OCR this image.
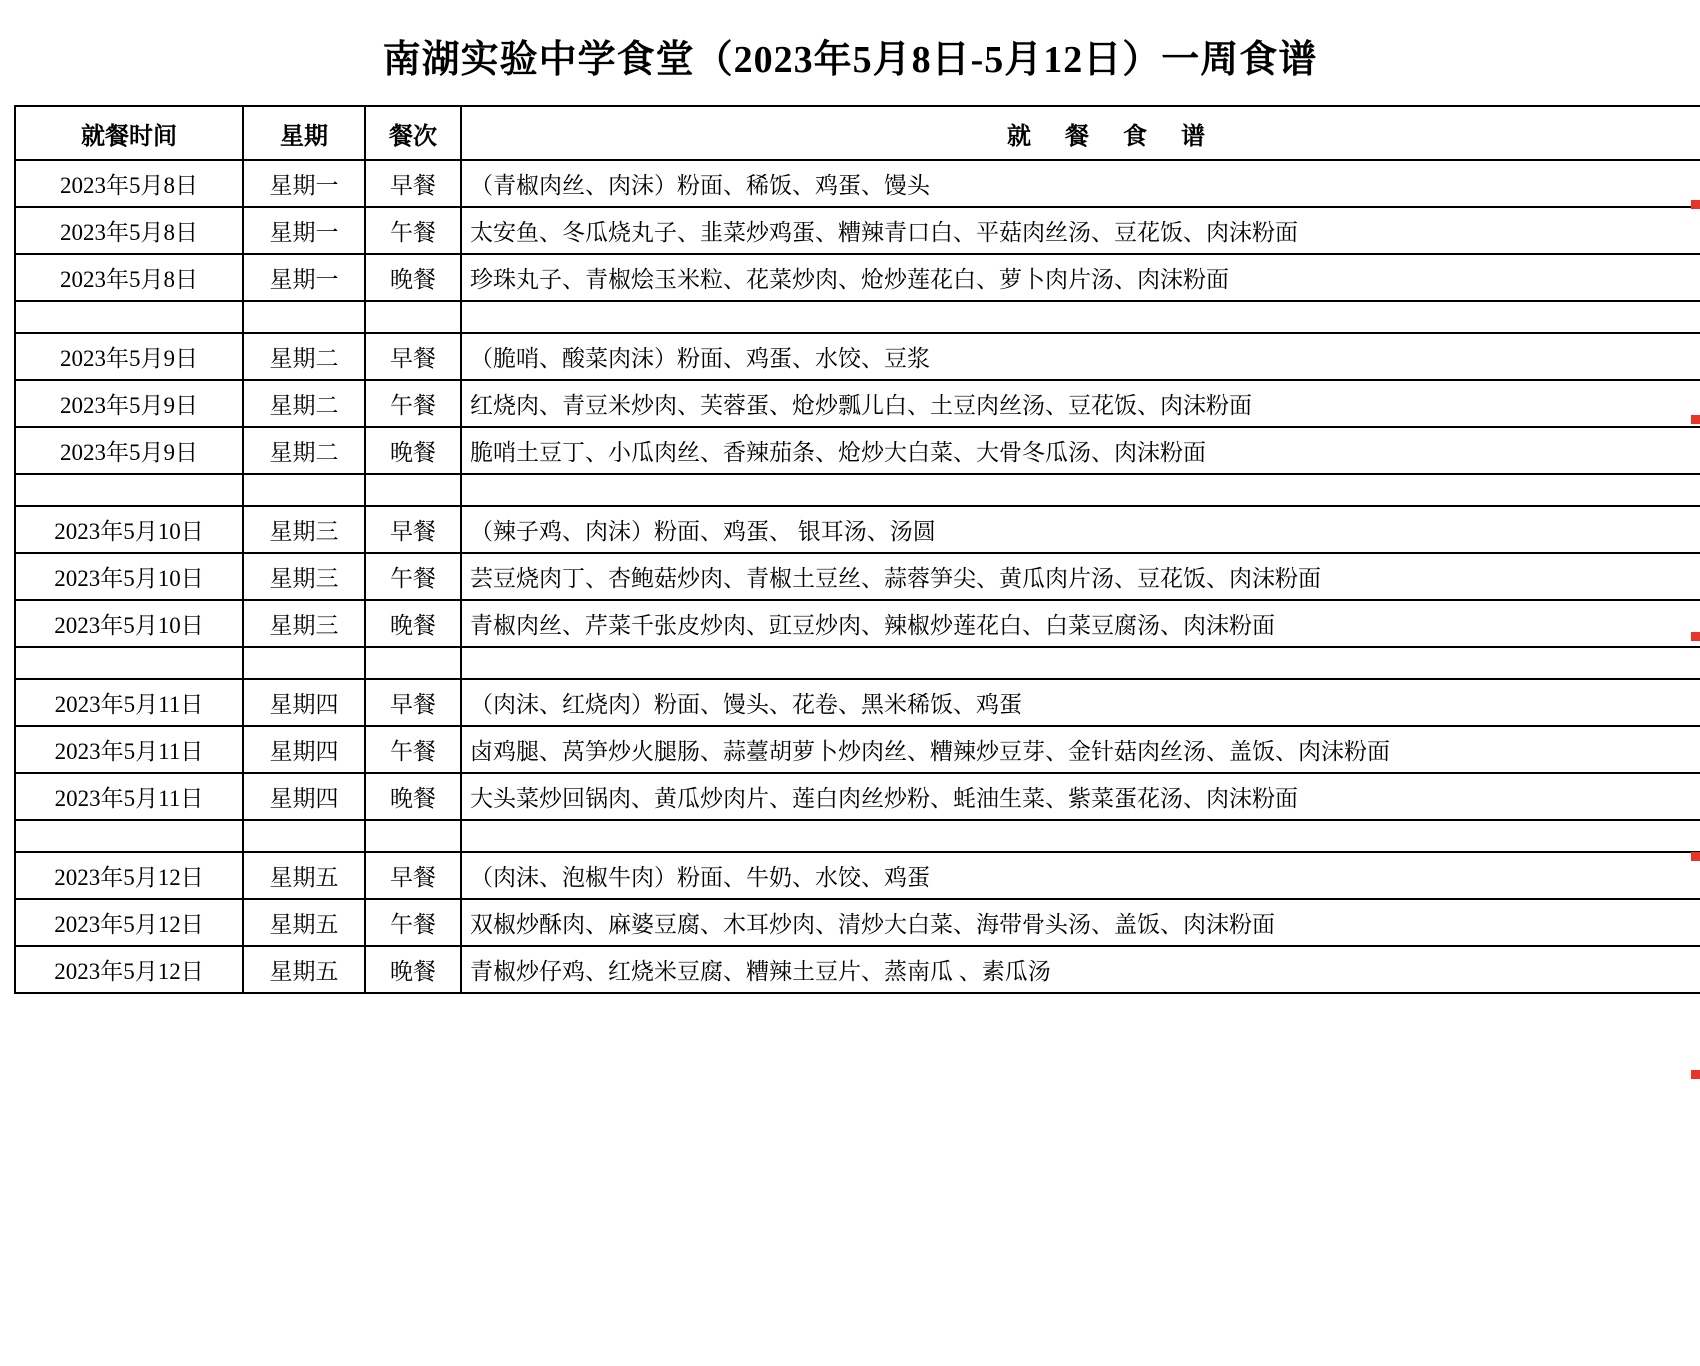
南湖实验中学食堂（2023年5月8日-5月12日）一周食谱
就餐时间	星期	餐次	就餐食谱
2023年5月8日	星期一	早餐	（青椒肉丝、肉沫）粉面、稀饭、鸡蛋、馒头
2023年5月8日	星期一	午餐	太安鱼、冬瓜烧丸子、韭菜炒鸡蛋、糟辣青口白、平菇肉丝汤、豆花饭、肉沫粉面
2023年5月8日	星期一	晚餐	珍珠丸子、青椒烩玉米粒、花菜炒肉、炝炒莲花白、萝卜肉片汤、肉沫粉面

2023年5月9日	星期二	早餐	（脆哨、酸菜肉沫）粉面、鸡蛋、水饺、豆浆
2023年5月9日	星期二	午餐	红烧肉、青豆米炒肉、芙蓉蛋、炝炒瓢儿白、土豆肉丝汤、豆花饭、肉沫粉面
2023年5月9日	星期二	晚餐	脆哨土豆丁、小瓜肉丝、香辣茄条、炝炒大白菜、大骨冬瓜汤、肉沫粉面

2023年5月10日	星期三	早餐	（辣子鸡、肉沫）粉面、鸡蛋、 银耳汤、汤圆
2023年5月10日	星期三	午餐	芸豆烧肉丁、杏鲍菇炒肉、青椒土豆丝、蒜蓉笋尖、黄瓜肉片汤、豆花饭、肉沫粉面
2023年5月10日	星期三	晚餐	青椒肉丝、芹菜千张皮炒肉、豇豆炒肉、辣椒炒莲花白、白菜豆腐汤、肉沫粉面

2023年5月11日	星期四	早餐	（肉沫、红烧肉）粉面、馒头、花卷、黑米稀饭、鸡蛋
2023年5月11日	星期四	午餐	卤鸡腿、莴笋炒火腿肠、蒜薹胡萝卜炒肉丝、糟辣炒豆芽、金针菇肉丝汤、盖饭、肉沫粉面
2023年5月11日	星期四	晚餐	大头菜炒回锅肉、黄瓜炒肉片、莲白肉丝炒粉、蚝油生菜、紫菜蛋花汤、肉沫粉面

2023年5月12日	星期五	早餐	（肉沫、泡椒牛肉）粉面、牛奶、水饺、鸡蛋
2023年5月12日	星期五	午餐	双椒炒酥肉、麻婆豆腐、木耳炒肉、清炒大白菜、海带骨头汤、盖饭、肉沫粉面
2023年5月12日	星期五	晚餐	青椒炒仔鸡、红烧米豆腐、糟辣土豆片、蒸南瓜 、素瓜汤
